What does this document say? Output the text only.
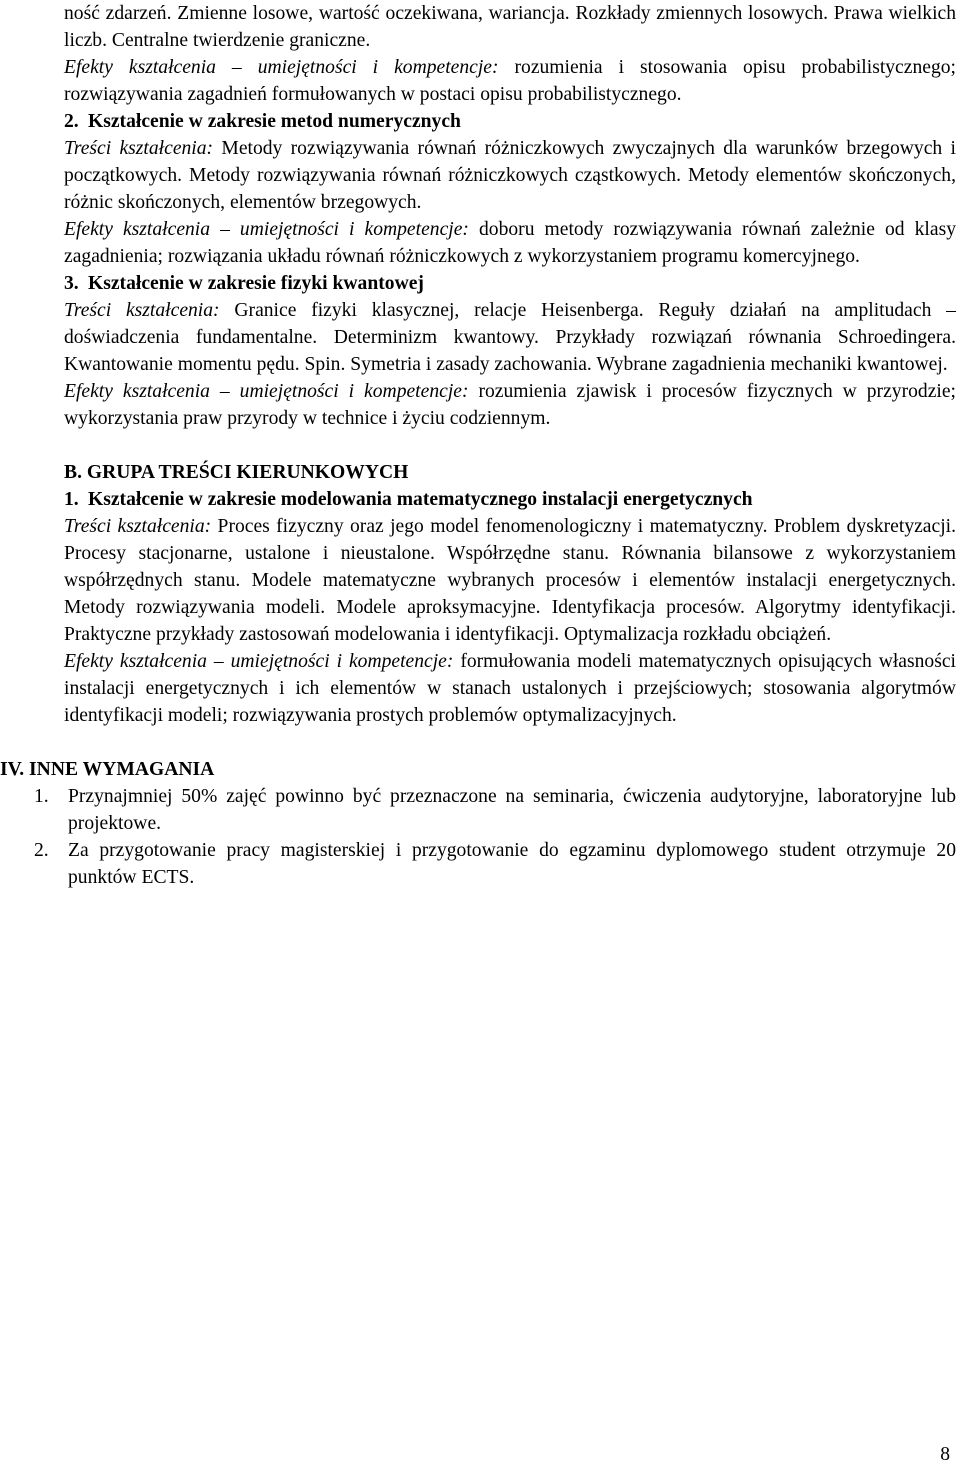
ność zdarzeń. Zmienne losowe, wartość oczekiwana, wariancja. Rozkłady zmiennych losowych. Prawa wielkich liczb. Centralne twierdzenie graniczne.

Efekty kształcenia – umiejętności i kompetencje: rozumienia i stosowania opisu probabilistycznego; rozwiązywania zagadnień formułowanych w postaci opisu probabilistycznego.

2. Kształcenie w zakresie metod numerycznych

Treści kształcenia: Metody rozwiązywania równań różniczkowych zwyczajnych dla warunków brzegowych i początkowych. Metody rozwiązywania równań różniczkowych cząstkowych. Metody elementów skończonych, różnic skończonych, elementów brzegowych.

Efekty kształcenia – umiejętności i kompetencje: doboru metody rozwiązywania równań zależnie od klasy zagadnienia; rozwiązania układu równań różniczkowych z wykorzystaniem programu komercyjnego.

3. Kształcenie w zakresie fizyki kwantowej

Treści kształcenia: Granice fizyki klasycznej, relacje Heisenberga. Reguły działań na amplitudach – doświadczenia fundamentalne. Determinizm kwantowy. Przykłady rozwiązań równania Schroedingera. Kwantowanie momentu pędu. Spin. Symetria i zasady zachowania. Wybrane zagadnienia mechaniki kwantowej.

Efekty kształcenia – umiejętności i kompetencje: rozumienia zjawisk i procesów fizycznych w przyrodzie; wykorzystania praw przyrody w technice i życiu codziennym.

B. GRUPA TREŚCI KIERUNKOWYCH
1. Kształcenie w zakresie modelowania matematycznego instalacji energetycznych

Treści kształcenia: Proces fizyczny oraz jego model fenomenologiczny i matematyczny. Problem dyskretyzacji. Procesy stacjonarne, ustalone i nieustalone. Współrzędne stanu. Równania bilansowe z wykorzystaniem współrzędnych stanu. Modele matematyczne wybranych procesów i elementów instalacji energetycznych. Metody rozwiązywania modeli. Modele aproksymacyjne. Identyfikacja procesów. Algorytmy identyfikacji. Praktyczne przykłady zastosowań modelowania i identyfikacji. Optymalizacja rozkładu obciążeń.

Efekty kształcenia – umiejętności i kompetencje: formułowania modeli matematycznych opisujących własności instalacji energetycznych i ich elementów w stanach ustalonych i przejściowych; stosowania algorytmów identyfikacji modeli; rozwiązywania prostych problemów optymalizacyjnych.

IV. INNE WYMAGANIA
1. Przynajmniej 50% zajęć powinno być przeznaczone na seminaria, ćwiczenia audytoryjne, laboratoryjne lub projektowe.
2. Za przygotowanie pracy magisterskiej i przygotowanie do egzaminu dyplomowego student otrzymuje 20 punktów ECTS.
8
